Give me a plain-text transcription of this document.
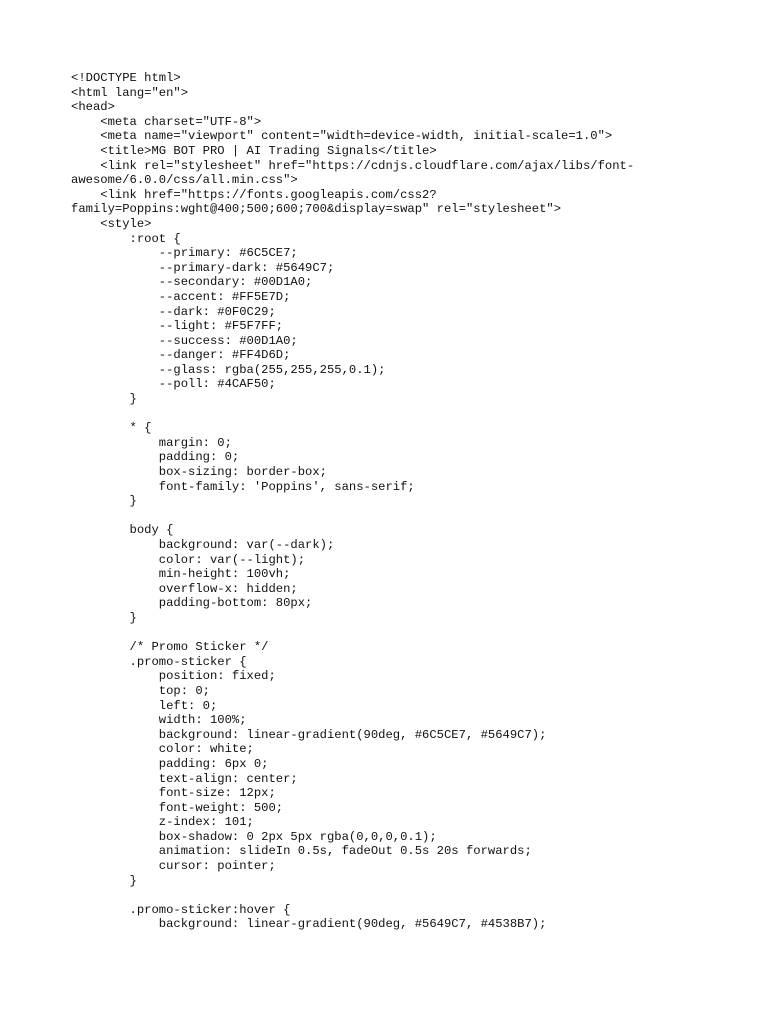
<!DOCTYPE html>
<html lang="en">
<head>
<meta charset="UTF-8">
<meta name="viewport" content="width=device-width, initial-scale=1.0">
<title>MG BOT PRO | AI Trading Signals</title>
<link rel="stylesheet" href="https://cdnjs.cloudflare.com/ajax/libs/font-
awesome/6.0.0/css/all.min.css">
<link href="https://fonts.googleapis.com/css2?
family=Poppins:wght@400;500;600;700&display=swap" rel="stylesheet">
<style>
:root {
--primary: #6C5CE7;
--primary-dark: #5649C7;
--secondary: #00D1A0;
--accent: #FF5E7D;
--dark: #0F0C29;
--light: #F5F7FF;
--success: #00D1A0;
--danger: #FF4D6D;
--glass: rgba(255,255,255,0.1);
--poll: #4CAF50;
}
* {
margin: 0;
padding: 0;
box-sizing: border-box;
font-family: 'Poppins', sans-serif;
}
body {
background: var(--dark);
color: var(--light);
min-height: 100vh;
overflow-x: hidden;
padding-bottom: 80px;
}
/* Promo Sticker */
.promo-sticker {
position: fixed;
top: 0;
left: 0;
width: 100%;
background: linear-gradient(90deg, #6C5CE7, #5649C7);
color: white;
padding: 6px 0;
text-align: center;
font-size: 12px;
font-weight: 500;
z-index: 101;
box-shadow: 0 2px 5px rgba(0,0,0,0.1);
animation: slideIn 0.5s, fadeOut 0.5s 20s forwards;
cursor: pointer;
}
.promo-sticker:hover {
background: linear-gradient(90deg, #5649C7, #4538B7);
